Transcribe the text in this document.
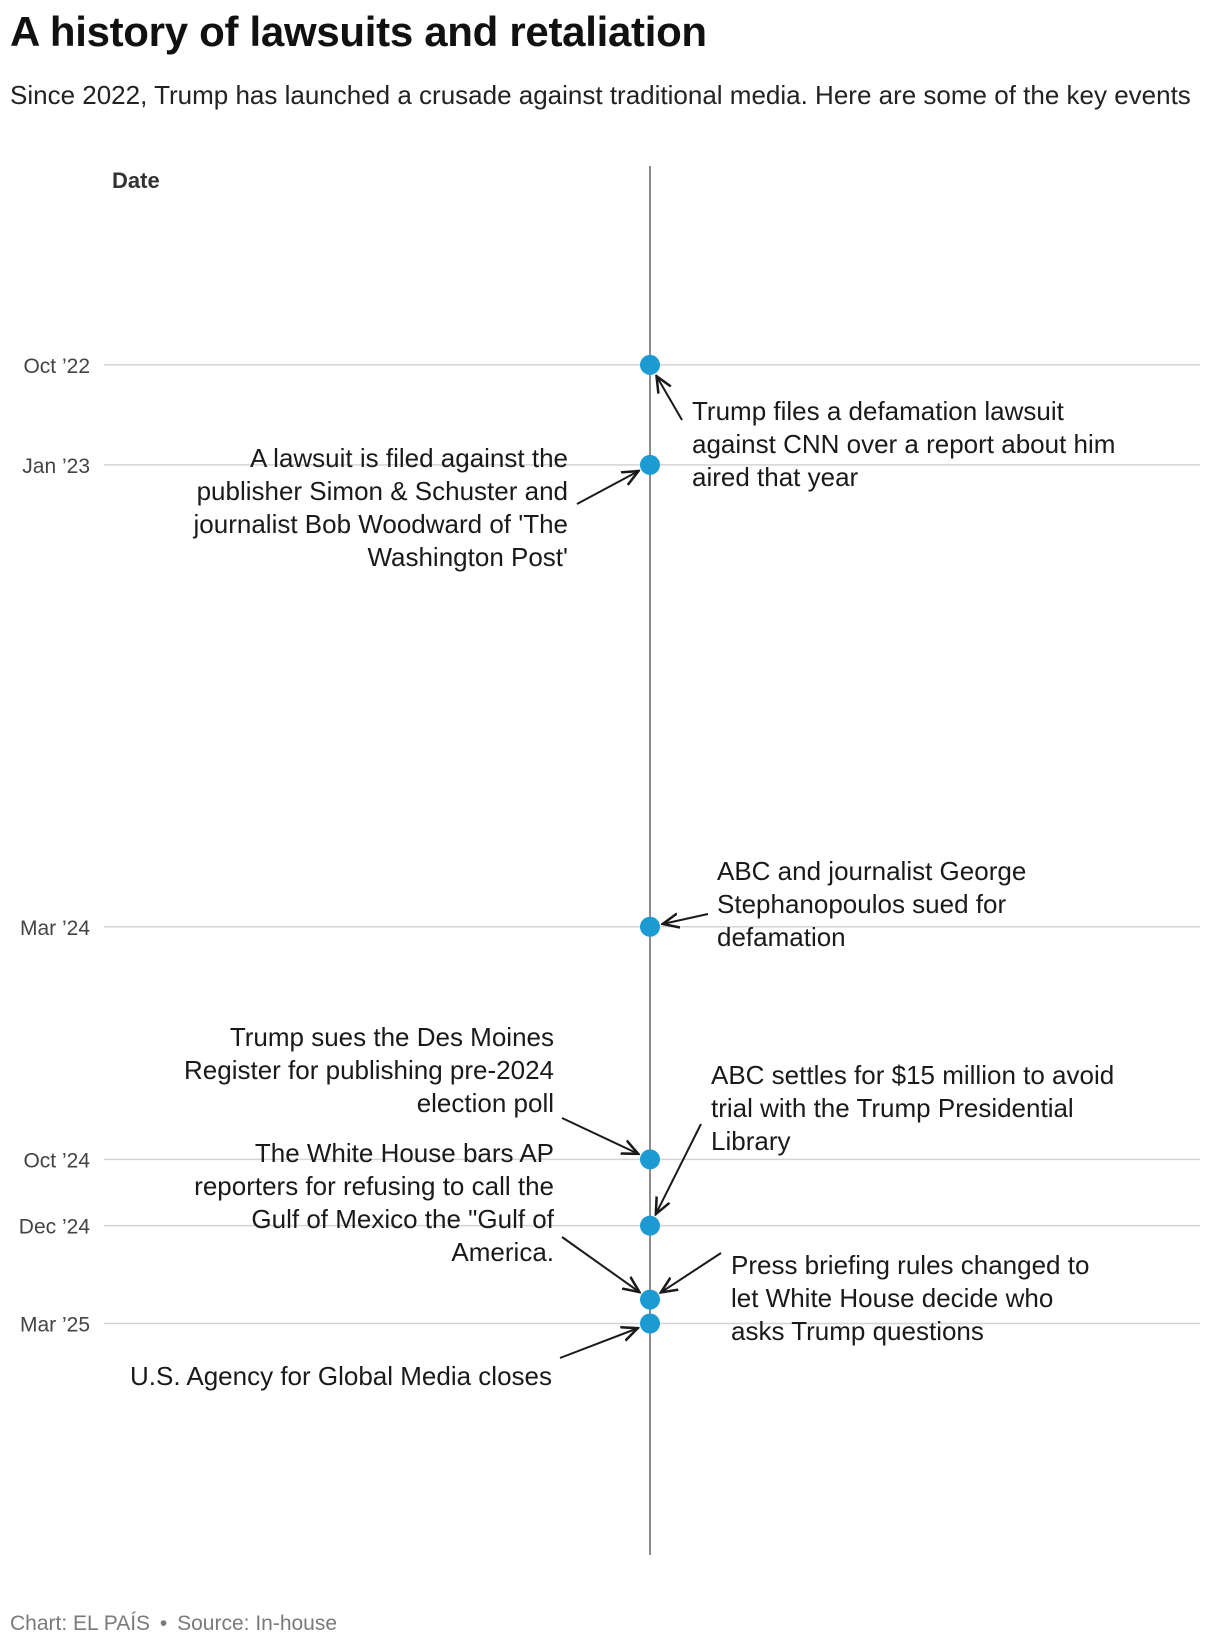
A history of lawsuits and retaliation

Since 2022, Trump has launched a crusade against traditional media. Here are some of the key events

Date
Oct ’22
Jan ’23
Mar ’24
Oct ’24
Dec ’24
Mar ’25
Trump files a defamation lawsuit against CNN over a report about him aired that year
A lawsuit is filed against the publisher Simon & Schuster and journalist Bob Woodward of 'The Washington Post'
ABC and journalist George Stephanopoulos sued for defamation
Trump sues the Des Moines Register for publishing pre-2024 election poll
ABC settles for $15 million to avoid trial with the Trump Presidential Library
The White House bars AP reporters for refusing to call the Gulf of Mexico the "Gulf of America.	Press briefing rules changed to let White House decide who asks Trump questions
U.S. Agency for Global Media closes
Chart: EL PAÍS • Source: In-house
